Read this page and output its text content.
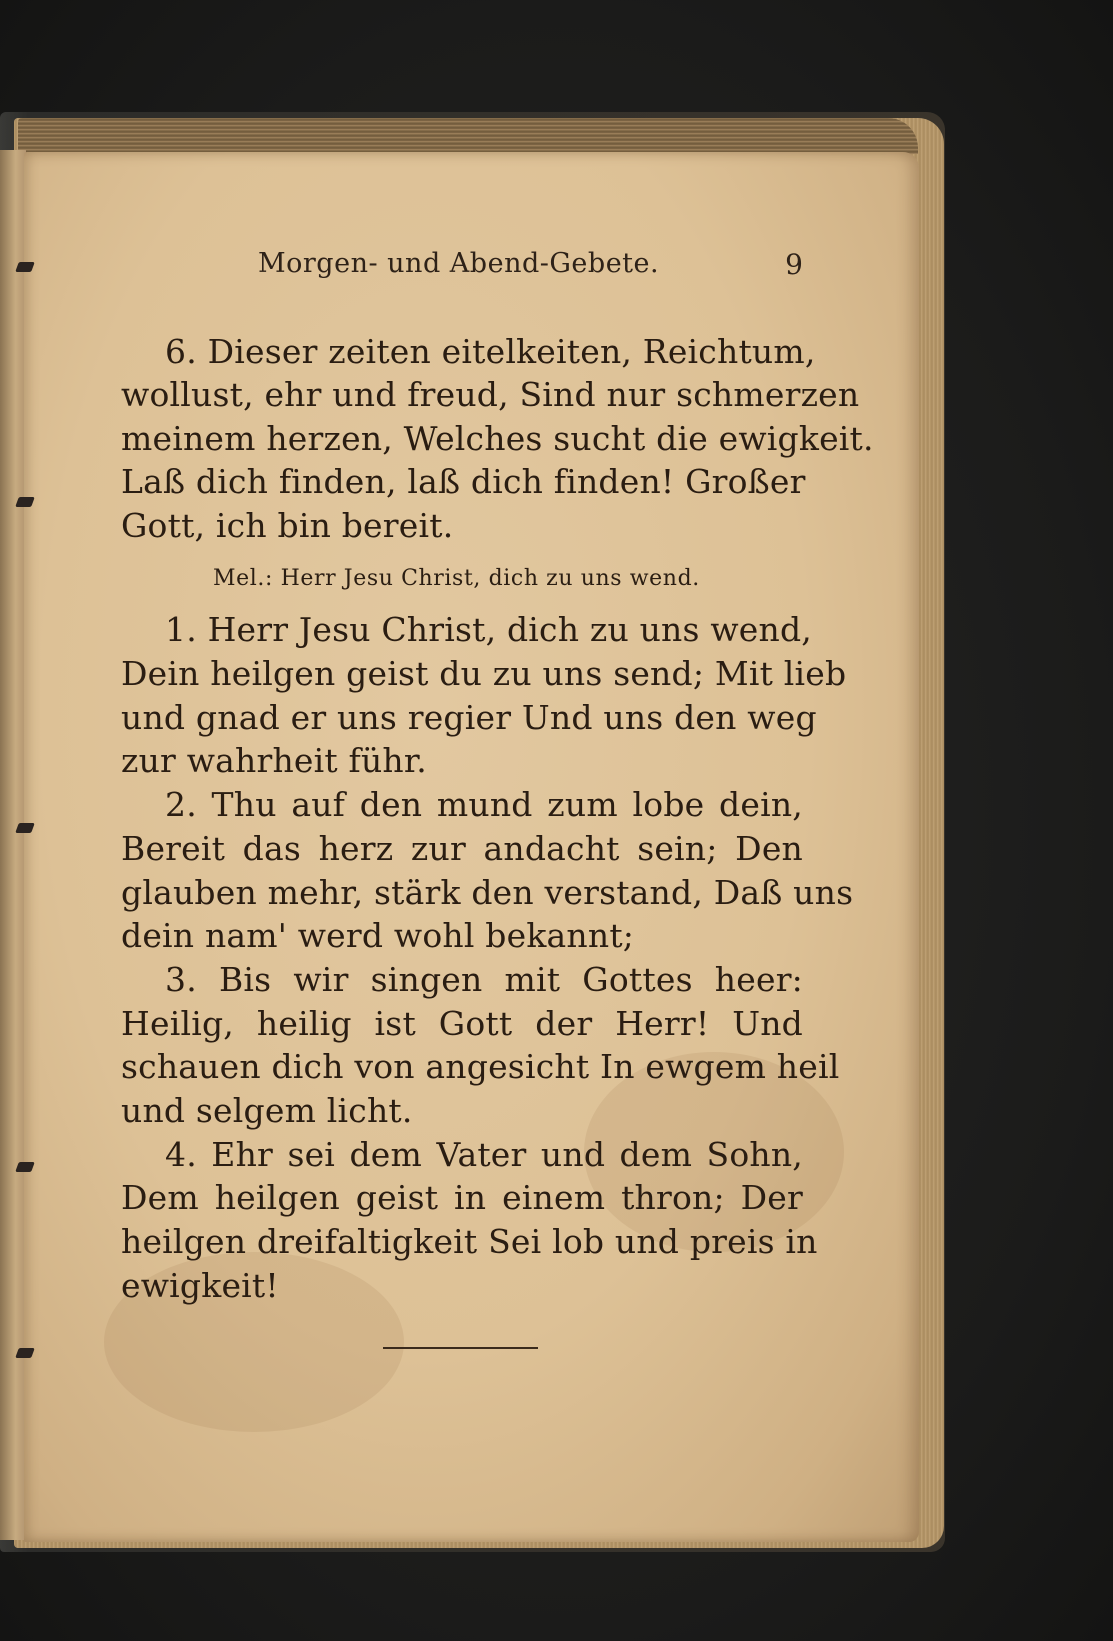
Morgen- und Abend-Gebete.	9
6. Dieser zeiten eitelkeiten, Reichtum,
wollust, ehr und freud, Sind nur schmerzen
meinem herzen, Welches sucht die ewigkeit.
Laß dich finden, laß dich finden! Großer
Gott, ich bin bereit.
Mel.: Herr Jesu Christ, dich zu uns wend.
1. Herr Jesu Christ, dich zu uns wend,
Dein heilgen geist du zu uns send; Mit lieb
und gnad er uns regier Und uns den weg
zur wahrheit führ.
2. Thu auf den mund zum lobe dein,
Bereit das herz zur andacht sein; Den
glauben mehr, stärk den verstand, Daß uns
dein nam' werd wohl bekannt;
3. Bis wir singen mit Gottes heer:
Heilig, heilig ist Gott der Herr! Und
schauen dich von angesicht In ewgem heil
und selgem licht.
4. Ehr sei dem Vater und dem Sohn,
Dem heilgen geist in einem thron; Der
heilgen dreifaltigkeit Sei lob und preis in
ewigkeit!
